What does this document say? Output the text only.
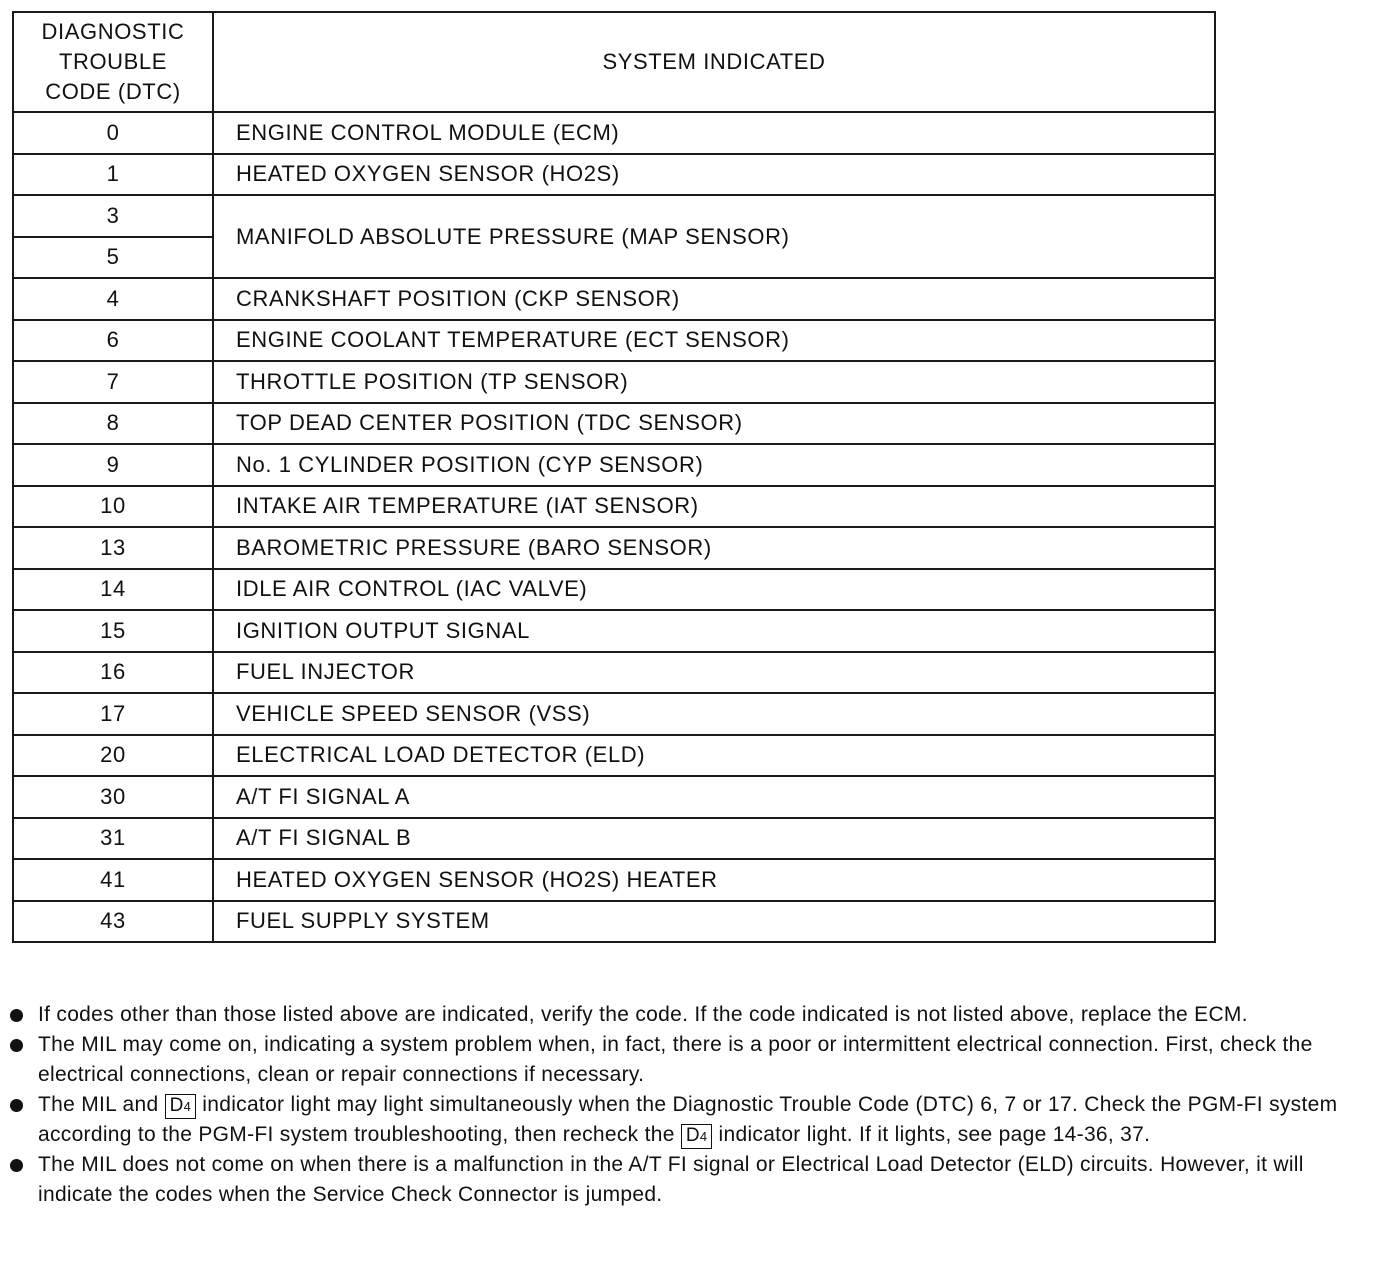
DIAGNOSTIC
TROUBLE
CODE (DTC)	SYSTEM INDICATED
0	ENGINE CONTROL MODULE (ECM)
1	HEATED OXYGEN SENSOR (HO2S)
3	MANIFOLD ABSOLUTE PRESSURE (MAP SENSOR)
5	
4	CRANKSHAFT POSITION (CKP SENSOR)
6	ENGINE COOLANT TEMPERATURE (ECT SENSOR)
7	THROTTLE POSITION (TP SENSOR)
8	TOP DEAD CENTER POSITION (TDC SENSOR)
9	No. 1 CYLINDER POSITION (CYP SENSOR)
10	INTAKE AIR TEMPERATURE (IAT SENSOR)
13	BAROMETRIC PRESSURE (BARO SENSOR)
14	IDLE AIR CONTROL (IAC VALVE)
15	IGNITION OUTPUT SIGNAL
16	FUEL INJECTOR
17	VEHICLE SPEED SENSOR (VSS)
20	ELECTRICAL LOAD DETECTOR (ELD)
30	A/T FI SIGNAL A
31	A/T FI SIGNAL B
41	HEATED OXYGEN SENSOR (HO2S) HEATER
43	FUEL SUPPLY SYSTEM
If codes other than those listed above are indicated, verify the code. If the code indicated is not listed above, replace the ECM.
The MIL may come on, indicating a system problem when, in fact, there is a poor or intermittent electrical connection. First, check the electrical connections, clean or repair connections if necessary.
The MIL and D4 indicator light may light simultaneously when the Diagnostic Trouble Code (DTC) 6, 7 or 17. Check the PGM-FI system according to the PGM-FI system troubleshooting, then recheck the D4 indicator light. If it lights, see page 14-36, 37.
The MIL does not come on when there is a malfunction in the A/T FI signal or Electrical Load Detector (ELD) circuits. However, it will indicate the codes when the Service Check Connector is jumped.
